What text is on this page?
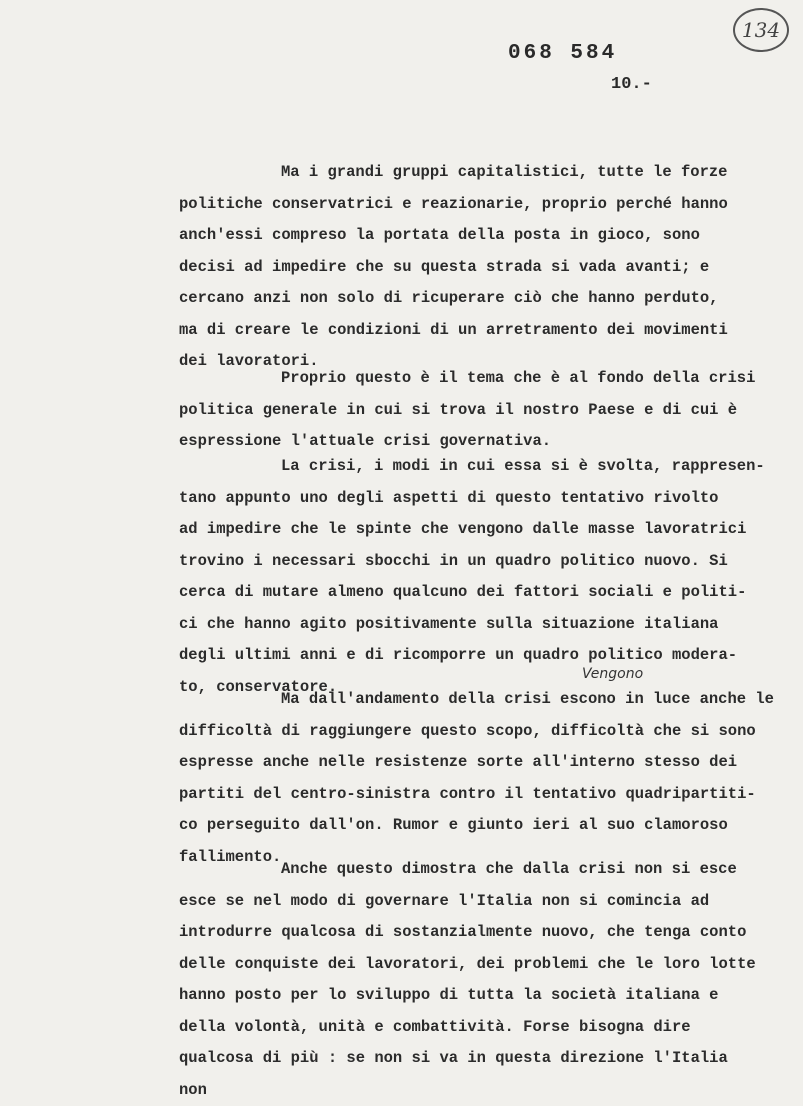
134
068 584
10.-
Vengono
Ma i grandi gruppi capitalistici, tutte le forze
politiche conservatrici e reazionarie, proprio perché hanno
anch'essi compreso la portata della posta in gioco, sono
decisi ad impedire che su questa strada si vada avanti; e
cercano anzi non solo di ricuperare ciò che hanno perduto,
ma di creare le condizioni di un arretramento dei movimenti
dei lavoratori.
Proprio questo è il tema che è al fondo della crisi
politica generale in cui si trova il nostro Paese e di cui è
espressione l'attuale crisi governativa.
La crisi, i modi in cui essa si è svolta, rappresen-
tano appunto uno degli aspetti di questo tentativo rivolto
ad impedire che le spinte che vengono dalle masse lavoratrici
trovino i necessari sbocchi in un quadro politico nuovo. Si
cerca di mutare almeno qualcuno dei fattori sociali e politi-
ci che hanno agito positivamente sulla situazione italiana
degli ultimi anni e di ricomporre un quadro politico modera-
to, conservatore.
Ma dall'andamento della crisi escono in luce anche le
difficoltà di raggiungere questo scopo, difficoltà che si sono
espresse anche nelle resistenze sorte all'interno stesso dei
partiti del centro-sinistra contro il tentativo quadripartiti-
co perseguito dall'on. Rumor e giunto ieri al suo clamoroso
fallimento.
Anche questo dimostra che dalla crisi non si esce
esce se nel modo di governare l'Italia non si comincia ad
introdurre qualcosa di sostanzialmente nuovo, che tenga conto
delle conquiste dei lavoratori, dei problemi che le loro lotte
hanno posto per lo sviluppo di tutta la società italiana e
della volontà, unità e combattività. Forse bisogna dire
qualcosa di più : se non si va in questa direzione l'Italia
non
